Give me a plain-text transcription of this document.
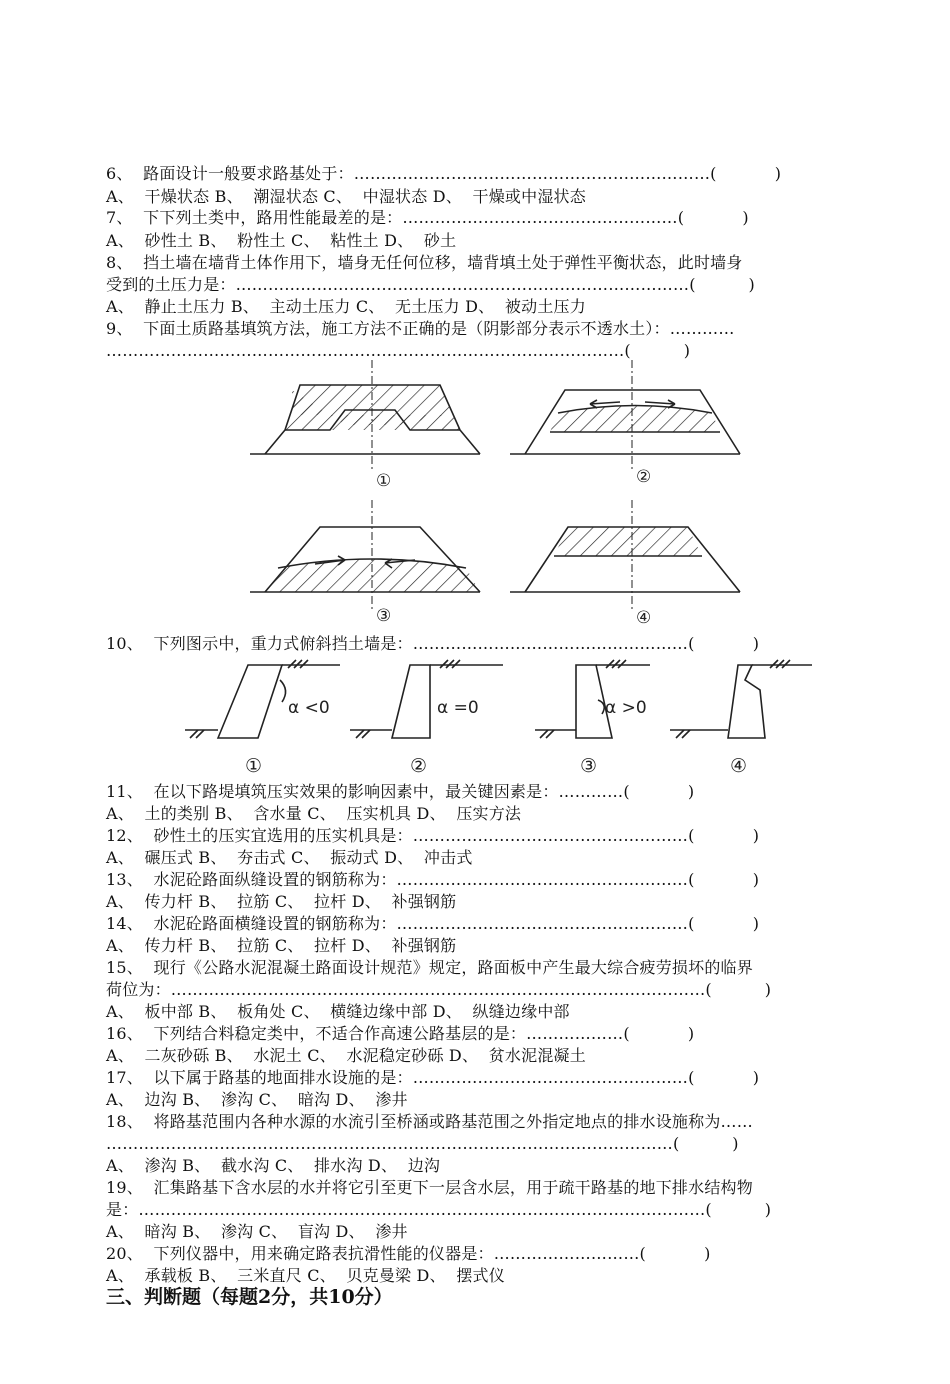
6、  路面设计一般要求路基处于：…………………………………………………………(           )
A、  干燥状态 B、  潮湿状态 C、  中湿状态 D、  干燥或中湿状态
7、  下下列土类中，路用性能最差的是：……………………………………………(           )
A、  砂性土 B、  粉性土 C、  粘性土 D、  砂土
8、  挡土墙在墙背土体作用下，墙身无任何位移，墙背填土处于弹性平衡状态，此时墙身
受到的土压力是：…………………………………………………………………………(          )
A、  静止土压力 B、  主动土压力 C、  无土压力 D、  被动土压力
9、  下面土质路基填筑方法，施工方法不正确的是（阴影部分表示不透水土）：…………
……………………………………………………………………………………(          )
10、  下列图示中，重力式俯斜挡土墙是：……………………………………………(           )
11、  在以下路堤填筑压实效果的影响因素中，最关键因素是：…………(           )
A、  土的类别 B、  含水量 C、  压实机具 D、  压实方法
12、  砂性土的压实宜选用的压实机具是：……………………………………………(           )
A、  碾压式 B、  夯击式 C、  振动式 D、  冲击式
13、  水泥砼路面纵缝设置的钢筋称为：………………………………………………(           )
A、  传力杆 B、  拉筋 C、  拉杆 D、  补强钢筋
14、  水泥砼路面横缝设置的钢筋称为：………………………………………………(           )
A、  传力杆 B、  拉筋 C、  拉杆 D、  补强钢筋
15、  现行《公路水泥混凝土路面设计规范》规定，路面板中产生最大综合疲劳损坏的临界
荷位为：………………………………………………………………………………………(          )
A、  板中部 B、  板角处 C、  横缝边缘中部 D、  纵缝边缘中部
16、  下列结合料稳定类中，不适合作高速公路基层的是：………………(           )
A、  二灰砂砾 B、  水泥土 C、  水泥稳定砂砾 D、  贫水泥混凝土
17、  以下属于路基的地面排水设施的是：……………………………………………(           )
A、  边沟 B、  渗沟 C、  暗沟 D、  渗井
18、  将路基范围内各种水源的水流引至桥涵或路基范围之外指定地点的排水设施称为……
……………………………………………………………………………………………(          )
A、  渗沟 B、  截水沟 C、  排水沟 D、  边沟
19、  汇集路基下含水层的水并将它引至更下一层含水层，用于疏干路基的地下排水结构物
是：……………………………………………………………………………………………(          )
A、  暗沟 B、  渗沟 C、  盲沟 D、  渗井
20、  下列仪器中，用来确定路表抗滑性能的仪器是：………………………(           )
A、  承载板 B、  三米直尺 C、  贝克曼梁 D、  摆式仪
三、判断题（每题2分，共10分）
①	②
③	④
α <0	α =0	α >0
①	②	③	④
